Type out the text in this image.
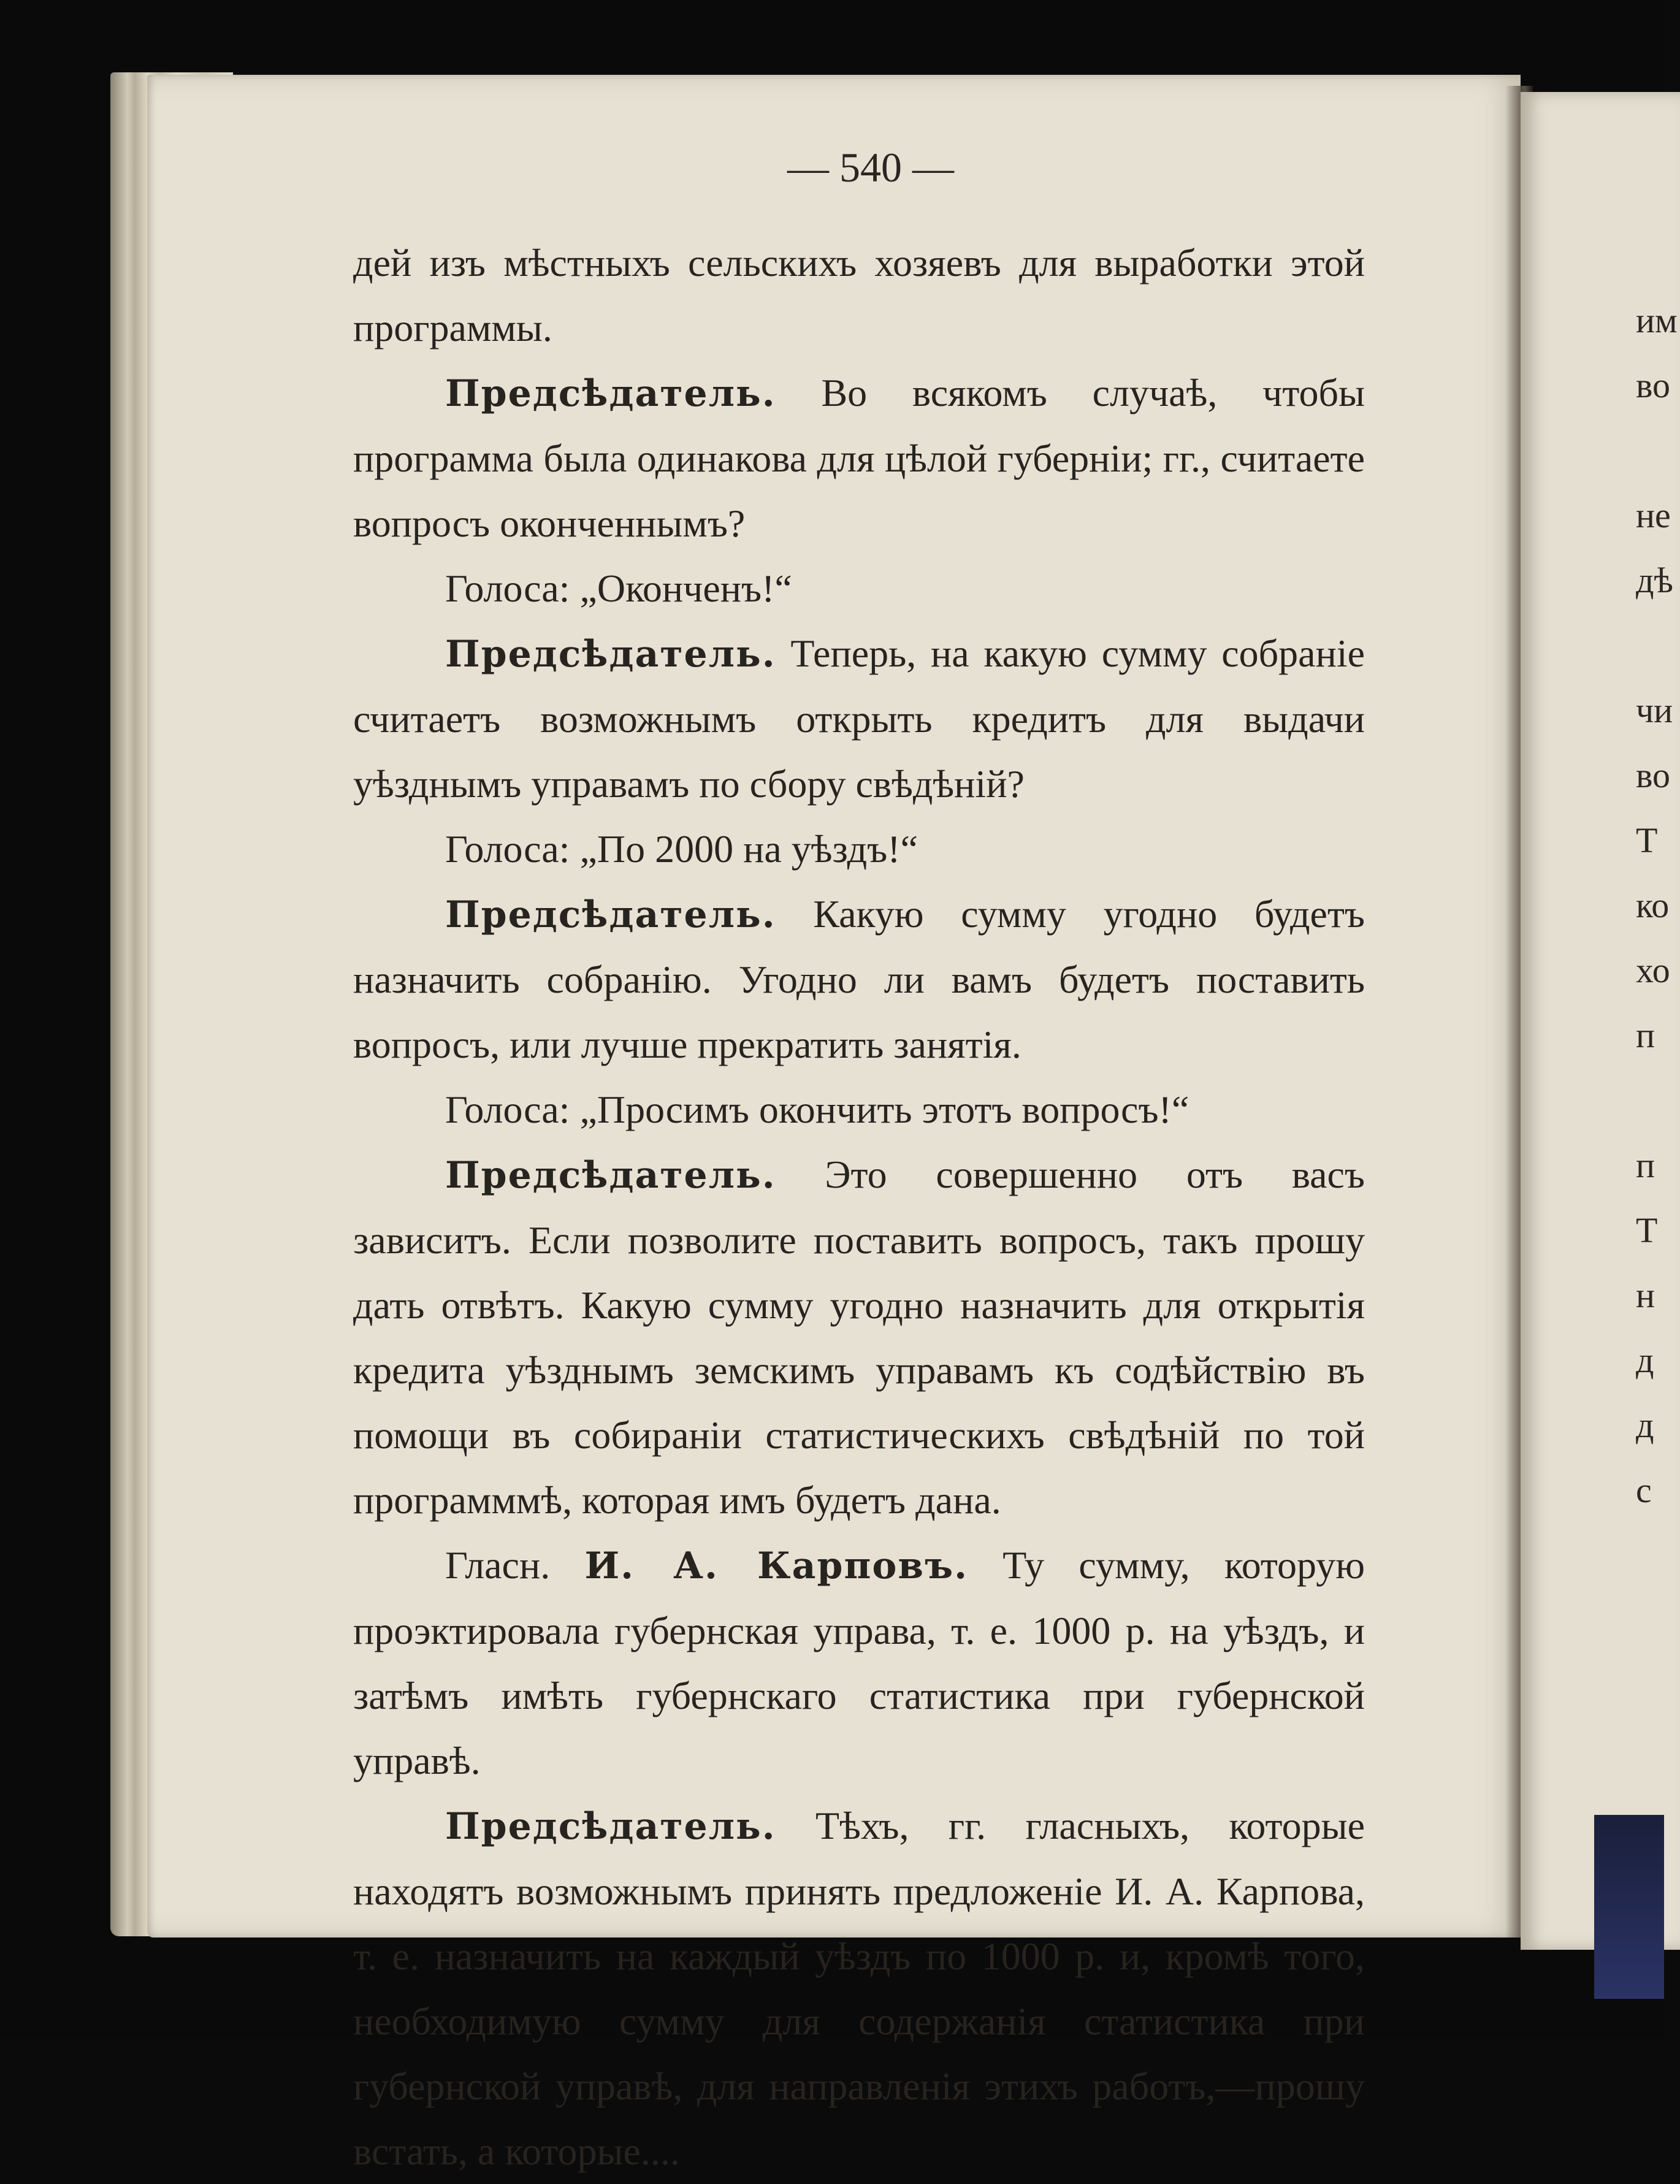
— 540 —

дей изъ мѣстныхъ сельскихъ хозяевъ для выработки этой программы.

Предсѣдатель. Во всякомъ случаѣ, чтобы программа была одинакова для цѣлой губерніи; гг., считаете вопросъ оконченнымъ?

Голоса: „Оконченъ!“

Предсѣдатель. Теперь, на какую сумму собраніе считаетъ возможнымъ открыть кредитъ для выдачи уѣзднымъ управамъ по сбору свѣдѣній?

Голоса: „По 2000 на уѣздъ!“

Предсѣдатель. Какую сумму угодно будетъ назначить собранію. Угодно ли вамъ будетъ поставить вопросъ, или лучше прекратить занятія.

Голоса: „Просимъ окончить этотъ вопросъ!“

Предсѣдатель. Это совершенно отъ васъ зависитъ. Если позволите поставить вопросъ, такъ прошу дать отвѣтъ. Какую сумму угодно назначить для открытія кредита уѣзднымъ земскимъ управамъ къ содѣйствію въ помощи въ собираніи статистическихъ свѣдѣній по той программмѣ, которая имъ будетъ дана.

Гласн. И. А. Карповъ. Ту сумму, которую проэктировала губернская управа, т. е. 1000 р. на уѣздъ, и затѣмъ имѣть губернскаго статистика при губернской управѣ.

Предсѣдатель. Тѣхъ, гг. гласныхъ, которые находятъ возможнымъ принять предложеніе И. А. Карпова, т. е. назначить на каждый уѣздъ по 1000 р. и, кромѣ того, необходимую сумму для содержанія статистика при губернской управѣ, для направленія этихъ работъ,—прошу встать, а которые....

им
во
не
дѣ
чи
во
Т
ко
хо
п
п
Т
н
д
д
с
